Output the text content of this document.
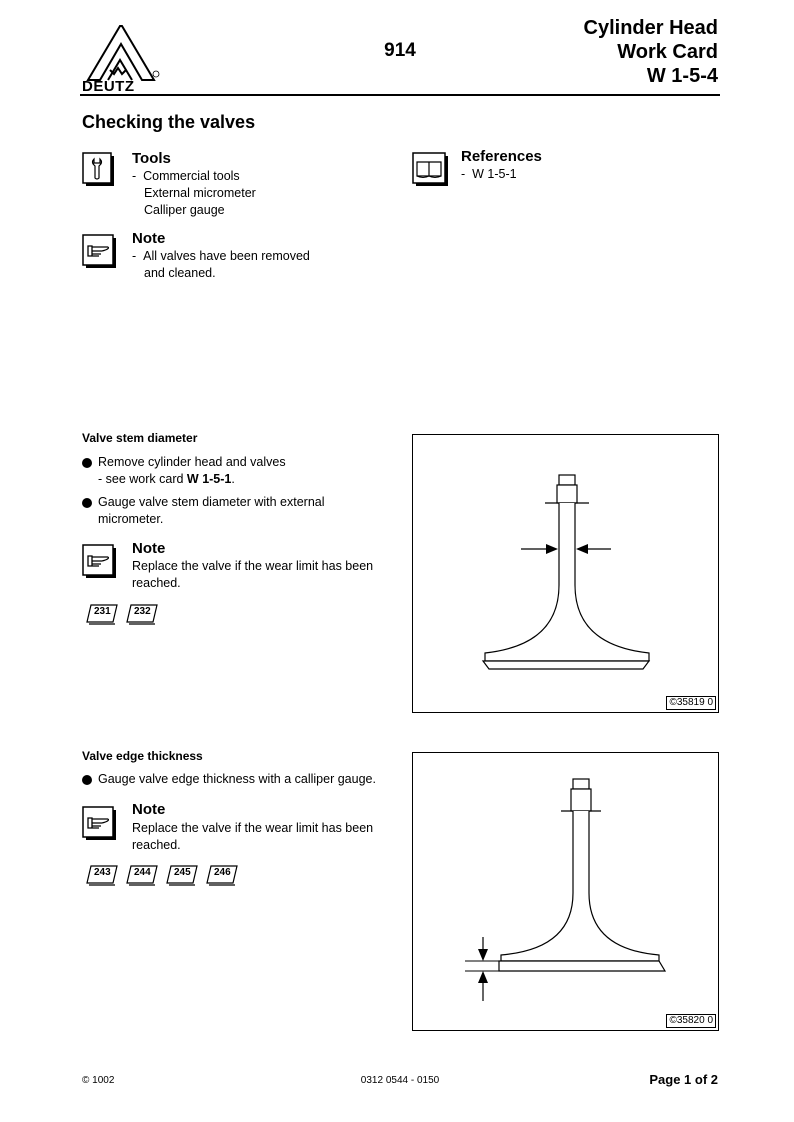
DEUTZ
914
Cylinder Head
Work Card
W 1-5-4
Checking the valves
Tools
- Commercial tools
External micrometer
Calliper gauge
References
- W 1-5-1
Note
- All valves have been removed
and cleaned.
Valve stem diameter
Remove cylinder head and valves
- see work card W 1-5-1.
Gauge valve stem diameter with external
micrometer.
Note
Replace the valve if the wear limit has been
reached.
231 232
©35819 0
Valve edge thickness
Gauge valve edge thickness with a calliper gauge.
Note
Replace the valve if the wear limit has been
reached.
243 244 245 246
©35820 0
© 1002	0312 0544 - 0150	Page 1 of 2
